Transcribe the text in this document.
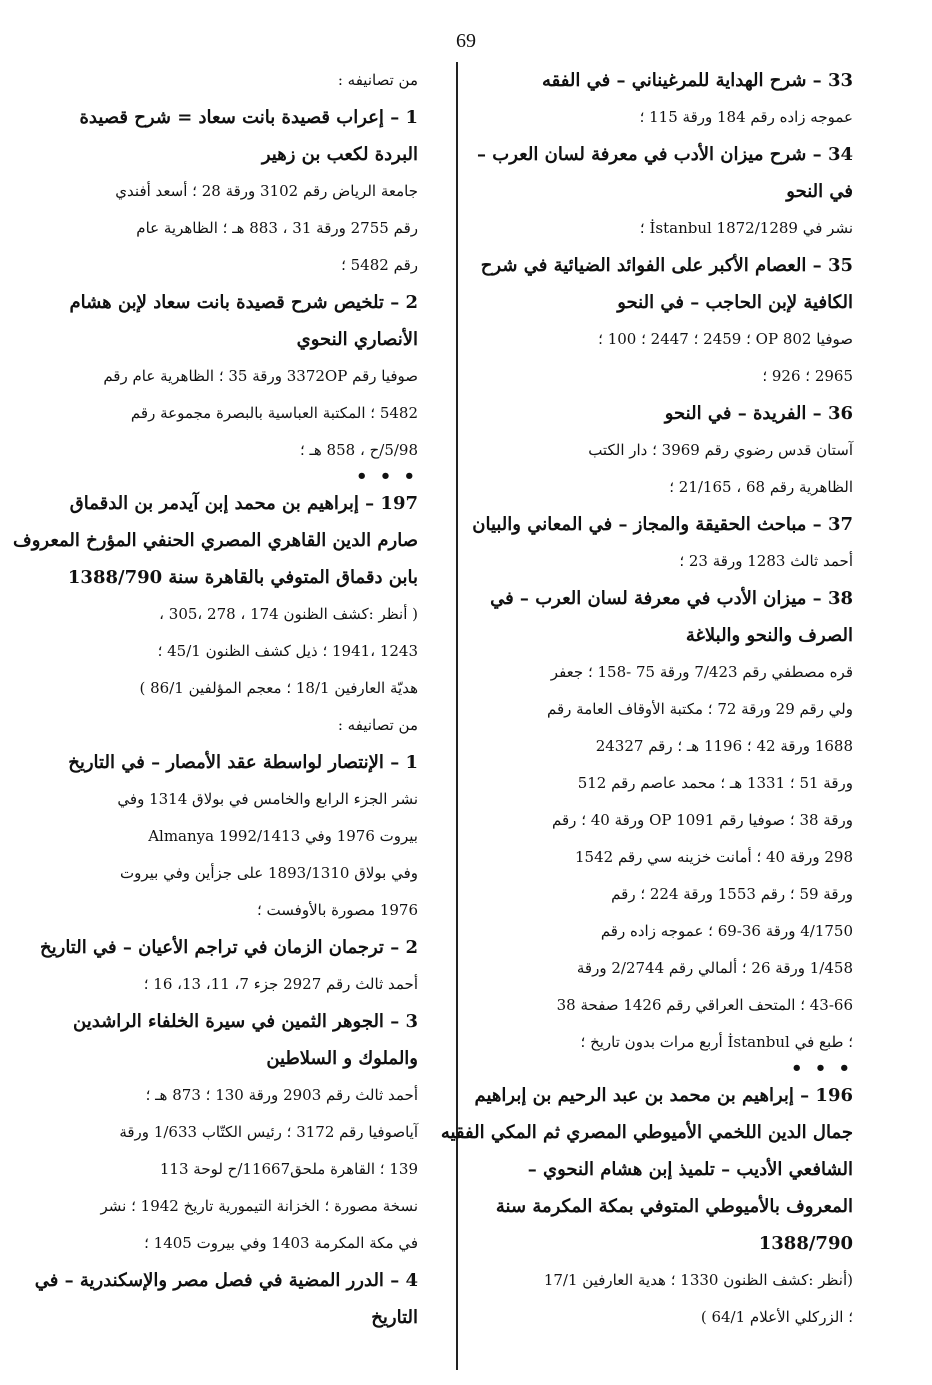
69
33 – شرح الهداية للمرغيناني – في الفقه
عموجه زاده رقم 184 ورقة 115 ؛
34 – شرح ميزان الأدب في معرفة لسان العرب –
في النحو
نشر في İstanbul 1872/1289 ؛
35 – العصام الأكبر على الفوائد الضيائية في شرح
الكافية لإبن الحاجب – في النحو
صوفيا 802 OP ؛ 2459 ؛ 2447 ؛ 100 ؛
2965 ؛ 926 ؛
36 – الفريدة – في النحو
آستان قدس رضوي رقم 3969 ؛ دار الكتب
الظاهرية رقم 68 ، 21/165 ؛
37 – مباحث الحقيقة والمجاز – في المعاني والبيان
أحمد ثالث 1283 ورقة 23 ؛
38 – ميزان الأدب في معرفة لسان العرب – في
الصرف والنحو والبلاغة
قره مصطفي رقم 7/423 ورقة 75 -158 ؛ جعفر
ولي رقم 29 ورقة 72 ؛ مكتبة الأوقاف العامة رقم
1688 ورقة 42 ؛ 1196 هـ ؛ رقم 24327
ورقة 51 ؛ 1331 هـ ؛ محمد عاصم رقم 512
ورقة 38 ؛ صوفيا رقم 1091 OP ورقة 40 ؛ رقم
298 ورقة 40 ؛ أمانت خزينه سي رقم 1542
ورقة 59 ؛ رقم 1553 ورقة 224 ؛ رقم
4/1750 ورقة 36-69 ؛ عموجه زاده رقم
1/458 ورقة 26 ؛ ألمالي رقم 2/2744 ورقة
43-66 ؛ المتحف العراقي رقم 1426 صفحة 38
؛ طبع في İstanbul أربع مرات بدون تاريخ ؛
• • •
196 – إبراهيم بن محمد بن عبد الرحيم بن إبراهيم
جمال الدين اللخمي الأميوطي المصري ثم المكي الفقيه
الشافعي الأديب – تلميذ إبن هشام النحوي –
المعروف بالأميوطي المتوفي بمكة المكرمة سنة
1388/790
(أنظر :كشف الظنون 1330 ؛ هدية العارفين 17/1
؛ الزركلي الأعلام 64/1 )
من تصانيفه :
1 – إعراب قصيدة بانت سعاد = شرح قصيدة
البردة لكعب بن زهير
جامعة الرياض رقم 3102 ورقة 28 ؛ أسعد أفندي
رقم 2755 ورقة 31 ، 883 هـ ؛ الظاهرية عام
رقم 5482 ؛
2 – تلخيص شرح قصيدة بانت سعاد لإبن هشام
الأنصاري النحوي
صوفيا رقم 3372OP ورقة 35 ؛ الظاهرية عام رقم
5482 ؛ المكتبة العباسية بالبصرة مجموعة رقم
5/98/ح ، 858 هـ ؛
• • •
197 – إبراهيم بن محمد إبن آيدمر بن الدقماق
صارم الدين القاهري المصري الحنفي المؤرخ المعروف
بابن دقماق المتوفي بالقاهرة سنة 1388/790
( أنظر :كشف الظنون 174 ، 278 ،305 ،
1243 ،1941 ؛ ذيل كشف الظنون 45/1 ؛
هديّة العارفين 18/1 ؛ معجم المؤلفين 86/1 )
من تصانيفه :
1 – الإنتصار لواسطة عقد الأمصار – في التاريخ
نشر الجزء الرابع والخامس في بولاق 1314 وفي
بيروت 1976 وفي Almanya 1992/1413
وفي بولاق 1893/1310 على جزأين وفي بيروت
1976 مصورة بالأوفست ؛
2 – ترجمان الزمان في تراجم الأعيان – في التاريخ
أحمد ثالث رقم 2927 جزء 7، 11، 13، 16 ؛
3 – الجوهر الثمين في سيرة الخلفاء الراشدين
والملوك و السلاطين
أحمد ثالث رقم 2903 ورقة 130 ؛ 873 هـ ؛
آياصوفيا رقم 3172 ؛ رئيس الكتّاب 1/633 ورقة
139 ؛ القاهرة ملحق11667/ح لوحة 113
نسخة مصورة ؛ الخزانة التيمورية تاريخ 1942 ؛ نشر
في مكة المكرمة 1403 وفي بيروت 1405 ؛
4 – الدرر المضية في فصل مصر والإسكندرية – في
التاريخ
